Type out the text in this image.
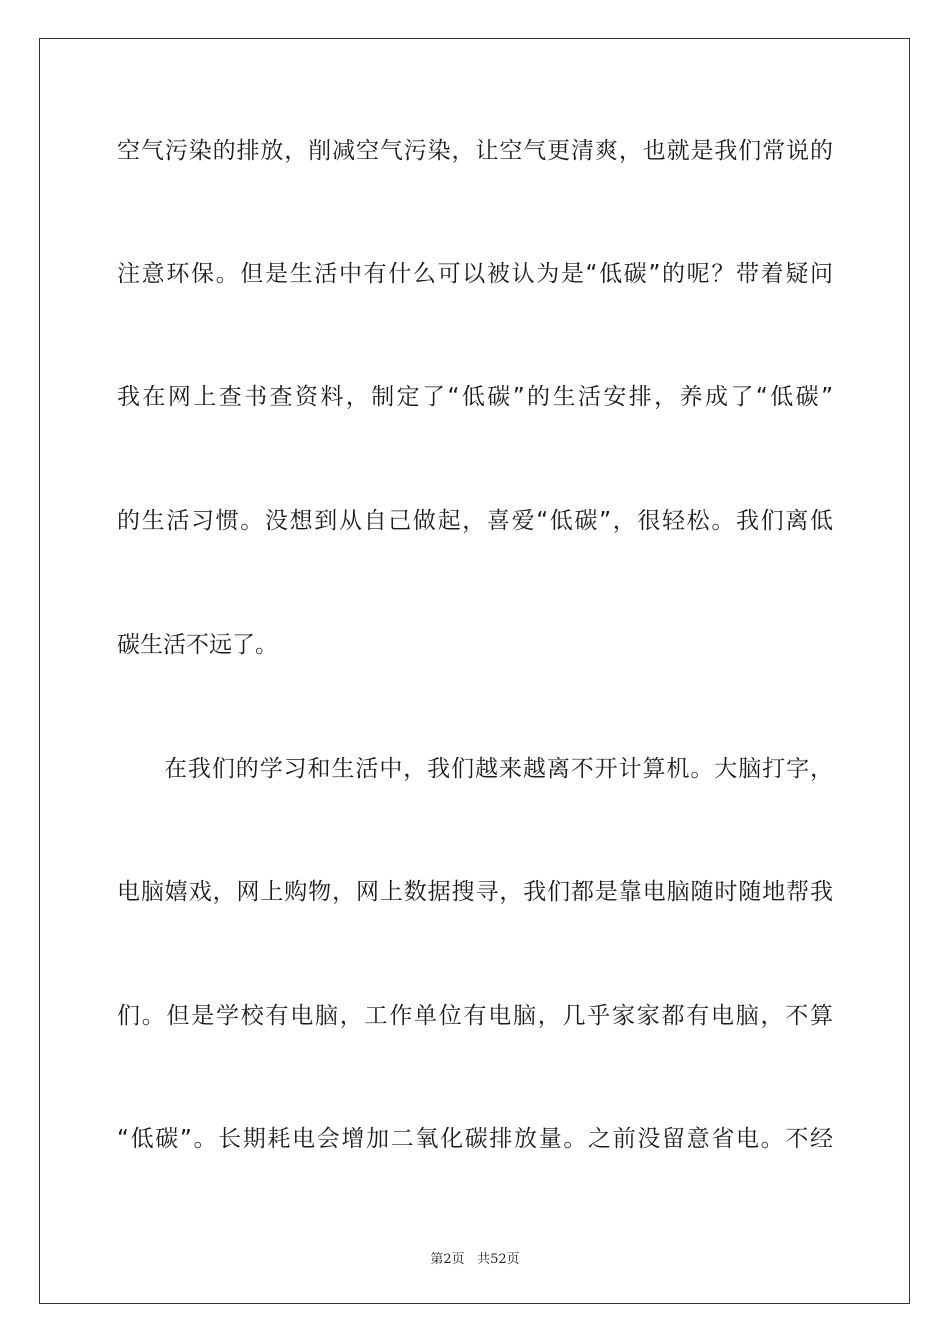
空气污染的排放，削减空气污染，让空气更清爽，也就是我们常说的

注意环保。但是生活中有什么可以被认为是“低碳”的呢？带着疑问

我在网上查书查资料，制定了“低碳”的生活安排，养成了“低碳”

的生活习惯。没想到从自己做起，喜爱“低碳”，很轻松。我们离低

碳生活不远了。

在我们的学习和生活中，我们越来越离不开计算机。大脑打字，

电脑嬉戏，网上购物，网上数据搜寻，我们都是靠电脑随时随地帮我

们。但是学校有电脑，工作单位有电脑，几乎家家都有电脑，不算

“低碳”。长期耗电会增加二氧化碳排放量。之前没留意省电。不经

第2页 共52页
